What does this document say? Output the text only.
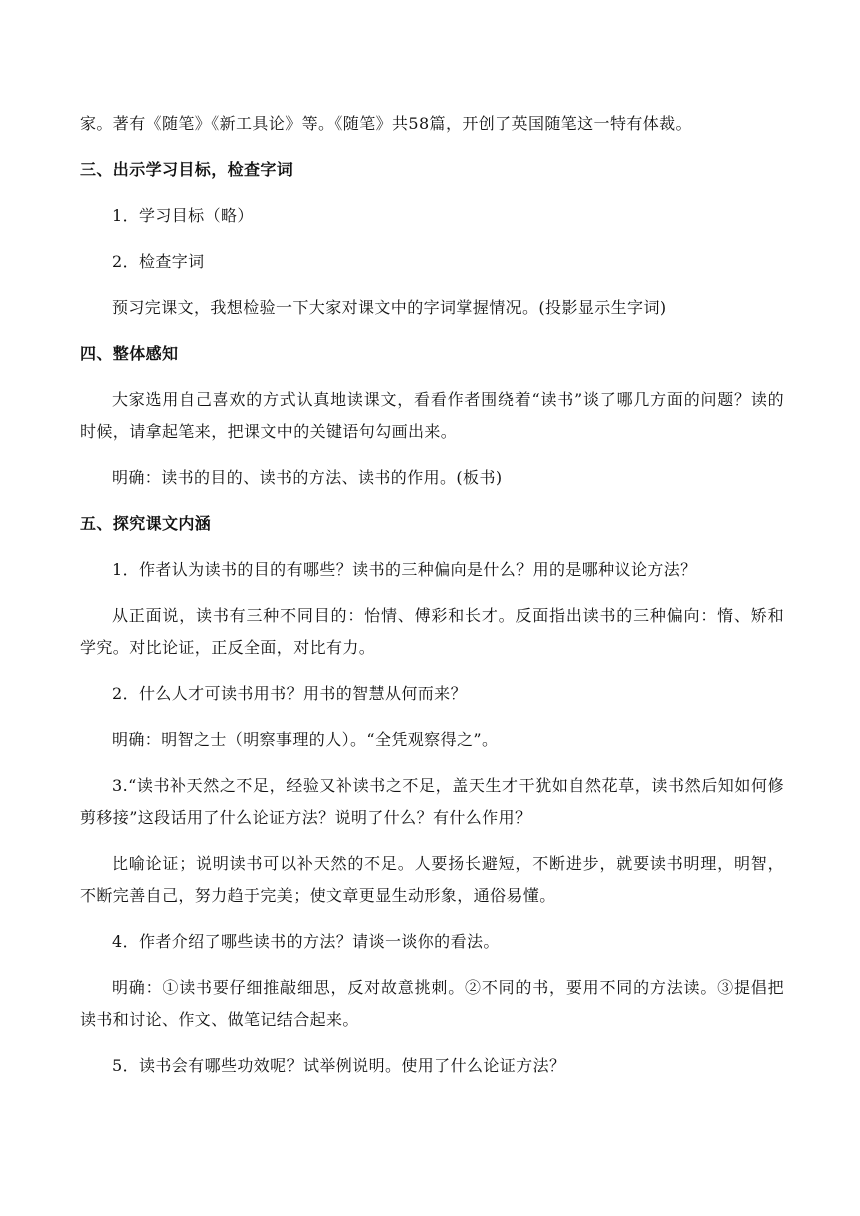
家。著有《随笔》《新工具论》等。《随笔》共58篇，开创了英国随笔这一特有体裁。

三、出示学习目标，检查字词

1．学习目标（略）

2．检查字词

预习完课文，我想检验一下大家对课文中的字词掌握情况。(投影显示生字词)

四、整体感知

大家选用自己喜欢的方式认真地读课文，看看作者围绕着“读书”谈了哪几方面的问题？读的时候，请拿起笔来，把课文中的关键语句勾画出来。

明确：读书的目的、读书的方法、读书的作用。(板书)

五、探究课文内涵

1．作者认为读书的目的有哪些？读书的三种偏向是什么？用的是哪种议论方法？

从正面说，读书有三种不同目的：怡情、傅彩和长才。反面指出读书的三种偏向：惰、矫和学究。对比论证，正反全面，对比有力。

2．什么人才可读书用书？用书的智慧从何而来？

明确：明智之士（明察事理的人）。“全凭观察得之”。

3.“读书补天然之不足，经验又补读书之不足，盖天生才干犹如自然花草，读书然后知如何修剪移接”这段话用了什么论证方法？说明了什么？有什么作用？

比喻论证；说明读书可以补天然的不足。人要扬长避短，不断进步，就要读书明理，明智，不断完善自己，努力趋于完美；使文章更显生动形象，通俗易懂。

4．作者介绍了哪些读书的方法？请谈一谈你的看法。

明确：①读书要仔细推敲细思，反对故意挑刺。②不同的书，要用不同的方法读。③提倡把读书和讨论、作文、做笔记结合起来。

5．读书会有哪些功效呢？试举例说明。使用了什么论证方法？
